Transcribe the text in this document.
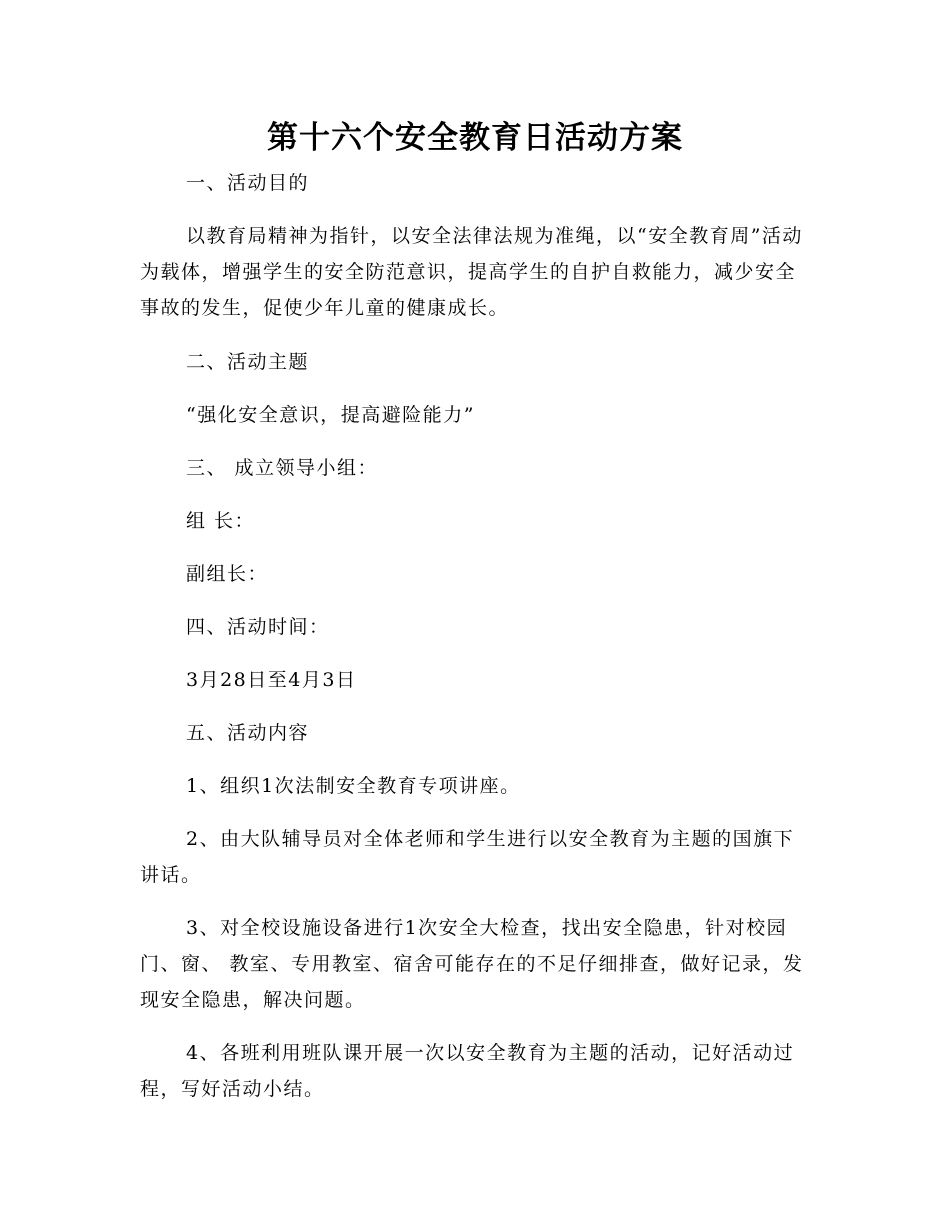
第十六个安全教育日活动方案
一、活动目的
以教育局精神为指针，以安全法律法规为准绳，以“安全教育周”活动为载体，增强学生的安全防范意识，提高学生的自护自救能力，减少安全事故的发生，促使少年儿童的健康成长。
二、活动主题
“强化安全意识，提高避险能力”
三、 成立领导小组：
组 长：
副组长：
四、活动时间：
3月28日至4月3日
五、活动内容
1、组织1次法制安全教育专项讲座。
2、由大队辅导员对全体老师和学生进行以安全教育为主题的国旗下讲话。
3、对全校设施设备进行1次安全大检查，找出安全隐患，针对校园门、窗、 教室、专用教室、宿舍可能存在的不足仔细排查，做好记录，发现安全隐患，解决问题。
4、各班利用班队课开展一次以安全教育为主题的活动，记好活动过程，写好活动小结。
